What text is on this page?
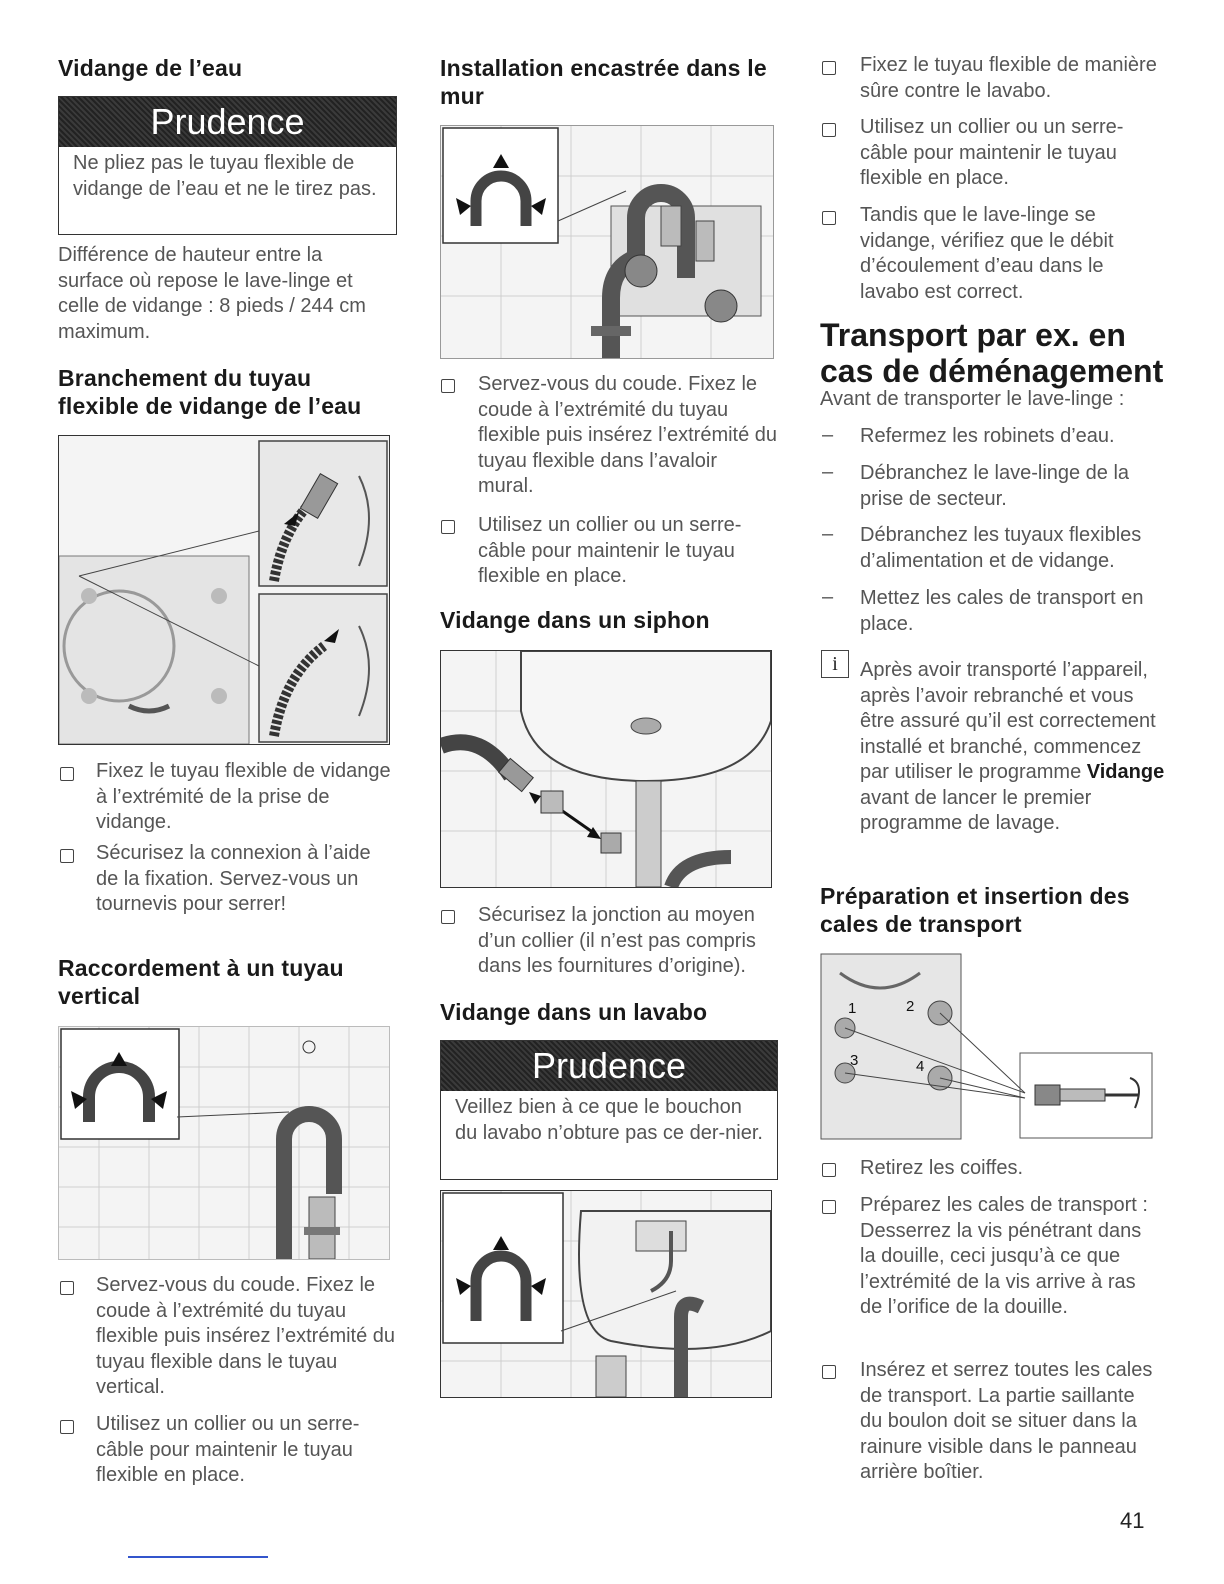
Vidange de l’eau
Prudence
Ne pliez pas le tuyau flexible de vidange de l’eau et ne le tirez pas.
Différence de hauteur entre la surface où repose le lave-linge et celle de vidange : 8 pieds / 244 cm maximum.
Branchement du tuyau flexible de vidange de l’eau
Fixez le tuyau flexible de vidange à l’extrémité de la prise de vidange.
Sécurisez la connexion à l’aide de la fixation. Servez-vous un tournevis pour serrer!
Raccordement à un tuyau vertical
Servez-vous du coude. Fixez le coude à l’extrémité du tuyau flexible puis insérez l’extrémité du tuyau flexible dans le tuyau vertical.
Utilisez un collier ou un serre-câble pour maintenir le tuyau flexible en place.
Installation encastrée dans le mur
Servez-vous du coude. Fixez le coude à l’extrémité du tuyau flexible puis insérez l’extrémité du tuyau flexible dans l’avaloir mural.
Utilisez un collier ou un serre-câble pour maintenir le tuyau flexible en place.
Vidange dans un siphon
Sécurisez la jonction au moyen d’un collier (il n’est pas compris dans les fournitures d’origine).
Vidange dans un lavabo
Prudence
Veillez bien à ce que le bouchon du lavabo n’obture pas ce der-nier.
Fixez le tuyau flexible de manière sûre contre le lavabo.
Utilisez un collier ou un serre-câble pour maintenir le tuyau flexible en place.
Tandis que le lave-linge se vidange, vérifiez que le débit d’écoulement d’eau dans le lavabo est correct.
Transport par ex. en cas de déménagement
Avant de transporter le lave-linge :
– Refermez les robinets d’eau.
– Débranchez le lave-linge de la prise de secteur.
– Débranchez les tuyaux flexibles d’alimentation et de vidange.
– Mettez les cales de transport en place.
i	Après avoir transporté l’appareil, après l’avoir rebranché et vous être assuré qu’il est correctement installé et branché, commencez par utiliser le programme Vidange avant de lancer le premier programme de lavage.
Préparation et insertion des cales de transport
1	2
3	4
Retirez les coiffes.
Préparez les cales de transport : Desserrez la vis pénétrant dans la douille, ceci jusqu’à ce que l’extrémité de la vis arrive à ras de l’orifice de la douille.
Insérez et serrez toutes les cales de transport. La partie saillante du boulon doit se situer dans la rainure visible dans le panneau arrière boîtier.
41
